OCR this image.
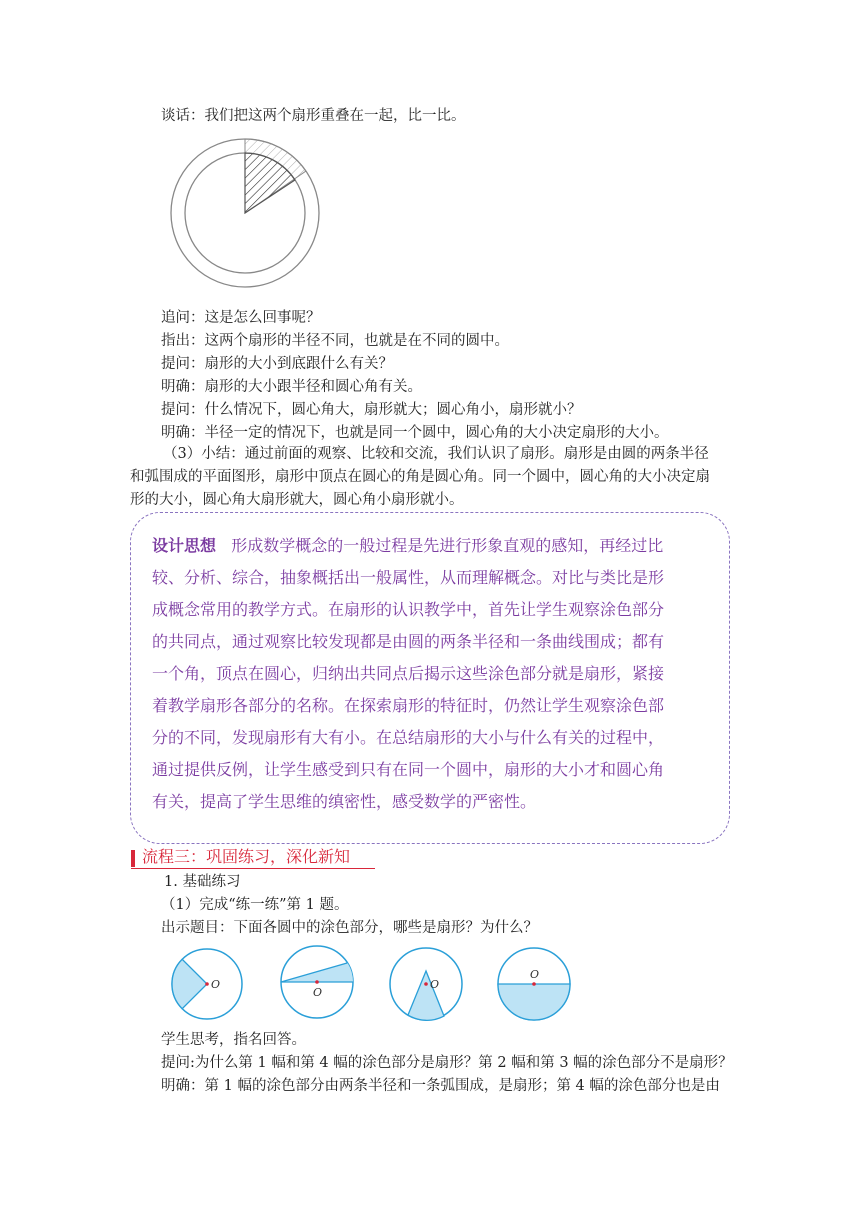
谈话：我们把这两个扇形重叠在一起，比一比。
追问：这是怎么回事呢？
指出：这两个扇形的半径不同，也就是在不同的圆中。
提问：扇形的大小到底跟什么有关？
明确：扇形的大小跟半径和圆心角有关。
提问：什么情况下，圆心角大，扇形就大；圆心角小，扇形就小？
明确：半径一定的情况下，也就是同一个圆中，圆心角的大小决定扇形的大小。
（3）小结：通过前面的观察、比较和交流，我们认识了扇形。扇形是由圆的两条半径
和弧围成的平面图形，扇形中顶点在圆心的角是圆心角。同一个圆中，圆心角的大小决定扇
形的大小，圆心角大扇形就大，圆心角小扇形就小。
设计思想 形成数学概念的一般过程是先进行形象直观的感知，再经过比
较、分析、综合，抽象概括出一般属性，从而理解概念。对比与类比是形
成概念常用的教学方式。在扇形的认识教学中，首先让学生观察涂色部分
的共同点，通过观察比较发现都是由圆的两条半径和一条曲线围成；都有
一个角，顶点在圆心，归纳出共同点后揭示这些涂色部分就是扇形，紧接
着教学扇形各部分的名称。在探索扇形的特征时，仍然让学生观察涂色部
分的不同，发现扇形有大有小。在总结扇形的大小与什么有关的过程中，
通过提供反例，让学生感受到只有在同一个圆中，扇形的大小才和圆心角
有关，提高了学生思维的缜密性，感受数学的严密性。
流程三：巩固练习，深化新知
1. 基础练习
（1）完成“练一练”第 1 题。
出示题目：下面各圆中的涂色部分，哪些是扇形？为什么？
O
O
O
O
学生思考，指名回答。
提问:为什么第 1 幅和第 4 幅的涂色部分是扇形？第 2 幅和第 3 幅的涂色部分不是扇形？
明确：第 1 幅的涂色部分由两条半径和一条弧围成，是扇形；第 4 幅的涂色部分也是由
